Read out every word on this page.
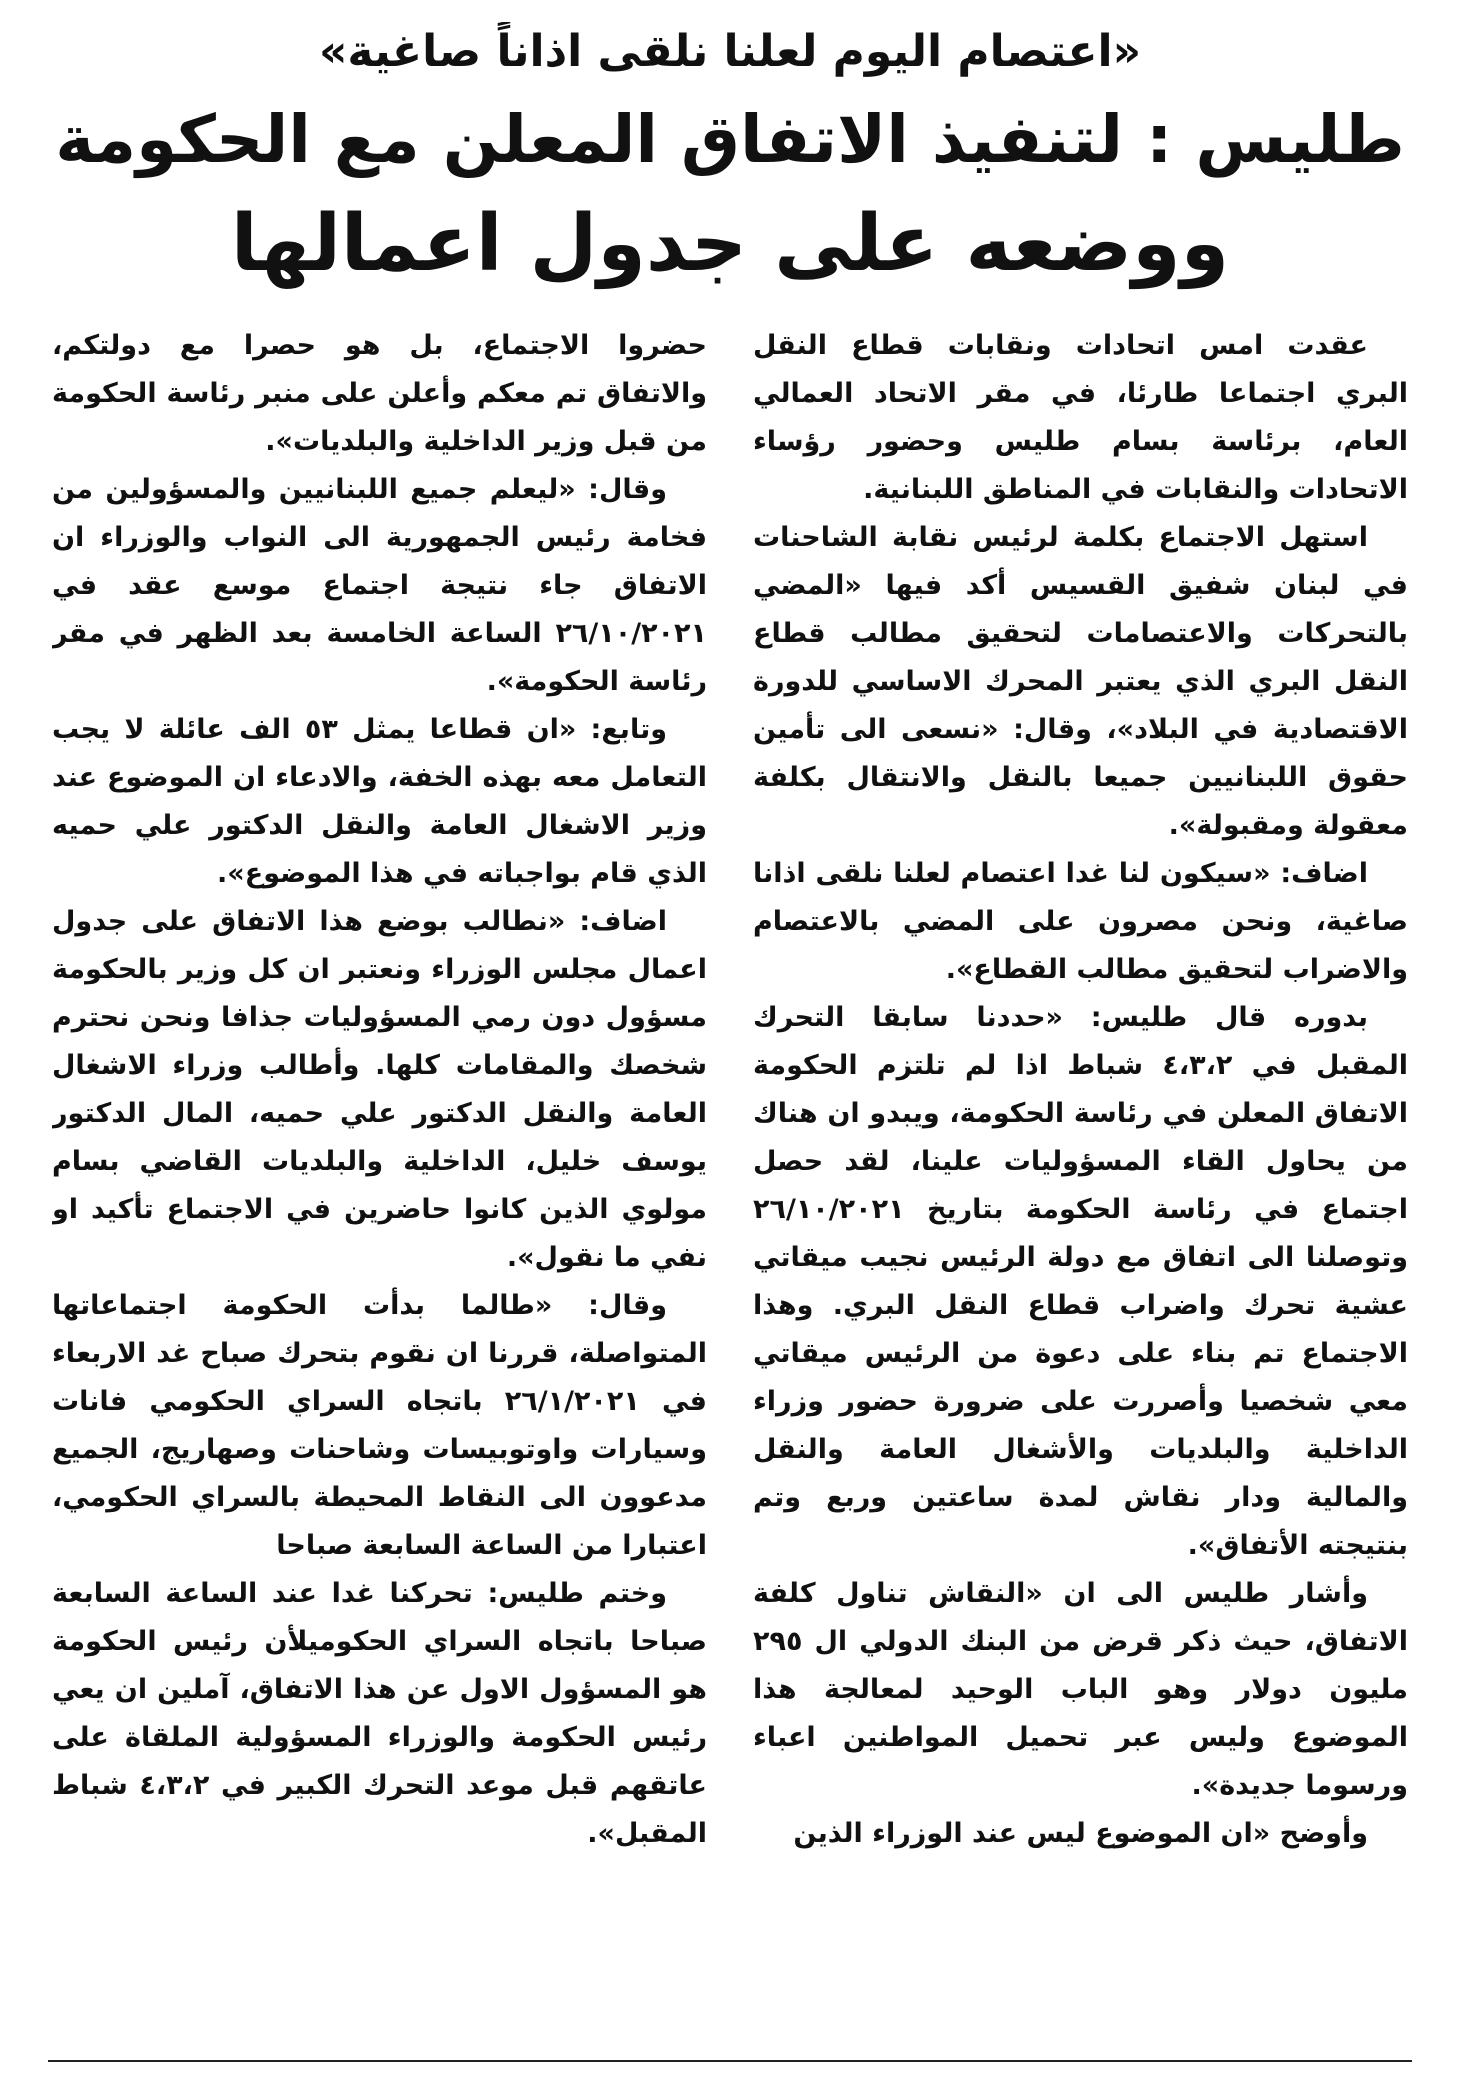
«اعتصام اليوم لعلنا نلقى اذاناً صاغية»
طليس : لتنفيذ الاتفاق المعلن مع الحكومة
ووضعه على جدول اعمالها

عقدت امس اتحادات ونقابات قطاع النقل البري اجتماعا طارئا، في مقر الاتحاد العمالي العام، برئاسة بسام طليس وحضور رؤساء الاتحادات والنقابات في المناطق اللبنانية.

استهل الاجتماع بكلمة لرئيس نقابة الشاحنات في لبنان شفيق القسيس أكد فيها «المضي بالتحركات والاعتصامات لتحقيق مطالب قطاع النقل البري الذي يعتبر المحرك الاساسي للدورة الاقتصادية في البلاد»، وقال: «نسعى الى تأمين حقوق اللبنانيين جميعا بالنقل والانتقال بكلفة معقولة ومقبولة».

اضاف: «سيكون لنا غدا اعتصام لعلنا نلقى اذانا صاغية، ونحن مصرون على المضي بالاعتصام والاضراب لتحقيق مطالب القطاع».

بدوره قال طليس: «حددنا سابقا التحرك المقبل في ٤،٣،٢ شباط اذا لم تلتزم الحكومة الاتفاق المعلن في رئاسة الحكومة، ويبدو ان هناك من يحاول القاء المسؤوليات علينا، لقد حصل اجتماع في رئاسة الحكومة بتاريخ ٢٦/١٠/٢٠٢١ وتوصلنا الى اتفاق مع دولة الرئيس نجيب ميقاتي عشية تحرك واضراب قطاع النقل البري. وهذا الاجتماع تم بناء على دعوة من الرئيس ميقاتي معي شخصيا وأصررت على ضرورة حضور وزراء الداخلية والبلديات والأشغال العامة والنقل والمالية ودار نقاش لمدة ساعتين وربع وتم بنتيجته الأتفاق».

وأشار طليس الى ان «النقاش تناول كلفة الاتفاق، حيث ذكر قرض من البنك الدولي ال ٢٩٥ مليون دولار وهو الباب الوحيد لمعالجة هذا الموضوع وليس عبر تحميل المواطنين اعباء ورسوما جديدة».

وأوضح «ان الموضوع ليس عند الوزراء الذين

حضروا الاجتماع، بل هو حصرا مع دولتكم، والاتفاق تم معكم وأعلن على منبر رئاسة الحكومة من قبل وزير الداخلية والبلديات».

وقال: «ليعلم جميع اللبنانيين والمسؤولين من فخامة رئيس الجمهورية الى النواب والوزراء ان الاتفاق جاء نتيجة اجتماع موسع عقد في ٢٦/١٠/٢٠٢١ الساعة الخامسة بعد الظهر في مقر رئاسة الحكومة».

وتابع: «ان قطاعا يمثل ٥٣ الف عائلة لا يجب التعامل معه بهذه الخفة، والادعاء ان الموضوع عند وزير الاشغال العامة والنقل الدكتور علي حميه الذي قام بواجباته في هذا الموضوع».

اضاف: «نطالب بوضع هذا الاتفاق على جدول اعمال مجلس الوزراء ونعتبر ان كل وزير بالحكومة مسؤول دون رمي المسؤوليات جذافا ونحن نحترم شخصك والمقامات كلها. وأطالب وزراء الاشغال العامة والنقل الدكتور علي حميه، المال الدكتور يوسف خليل، الداخلية والبلديات القاضي بسام مولوي الذين كانوا حاضرين في الاجتماع تأكيد او نفي ما نقول».

وقال: «طالما بدأت الحكومة اجتماعاتها المتواصلة، قررنا ان نقوم بتحرك صباح غد الاربعاء في ٢٦/١/٢٠٢١ باتجاه السراي الحكومي فانات وسيارات واوتوبيسات وشاحنات وصهاريج، الجميع مدعوون الى النقاط المحيطة بالسراي الحكومي، اعتبارا من الساعة السابعة صباحا

وختم طليس: تحركنا غدا عند الساعة السابعة صباحا باتجاه السراي الحكوميلأن رئيس الحكومة هو المسؤول الاول عن هذا الاتفاق، آملين ان يعي رئيس الحكومة والوزراء المسؤولية الملقاة على عاتقهم قبل موعد التحرك الكبير في ٤،٣،٢ شباط المقبل».
